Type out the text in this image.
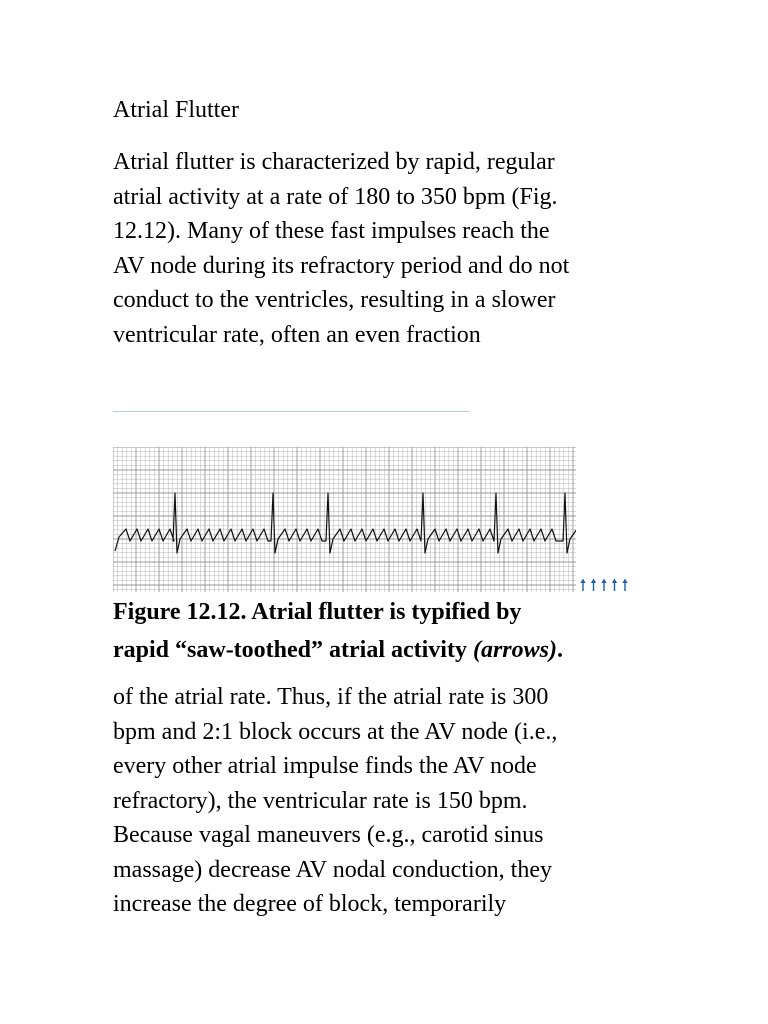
Atrial Flutter

Atrial flutter is characterized by rapid, regular
atrial activity at a rate of 180 to 350 bpm (Fig.
12.12). Many of these fast impulses reach the
AV node during its refractory period and do not
conduct to the ventricles, resulting in a slower
ventricular rate, often an even fraction

Figure 12.12. Atrial flutter is typified by
rapid “saw-toothed” atrial activity (arrows).

of the atrial rate. Thus, if the atrial rate is 300
bpm and 2:1 block occurs at the AV node (i.e.,
every other atrial impulse finds the AV node
refractory), the ventricular rate is 150 bpm.
Because vagal maneuvers (e.g., carotid sinus
massage) decrease AV nodal conduction, they
increase the degree of block, temporarily
